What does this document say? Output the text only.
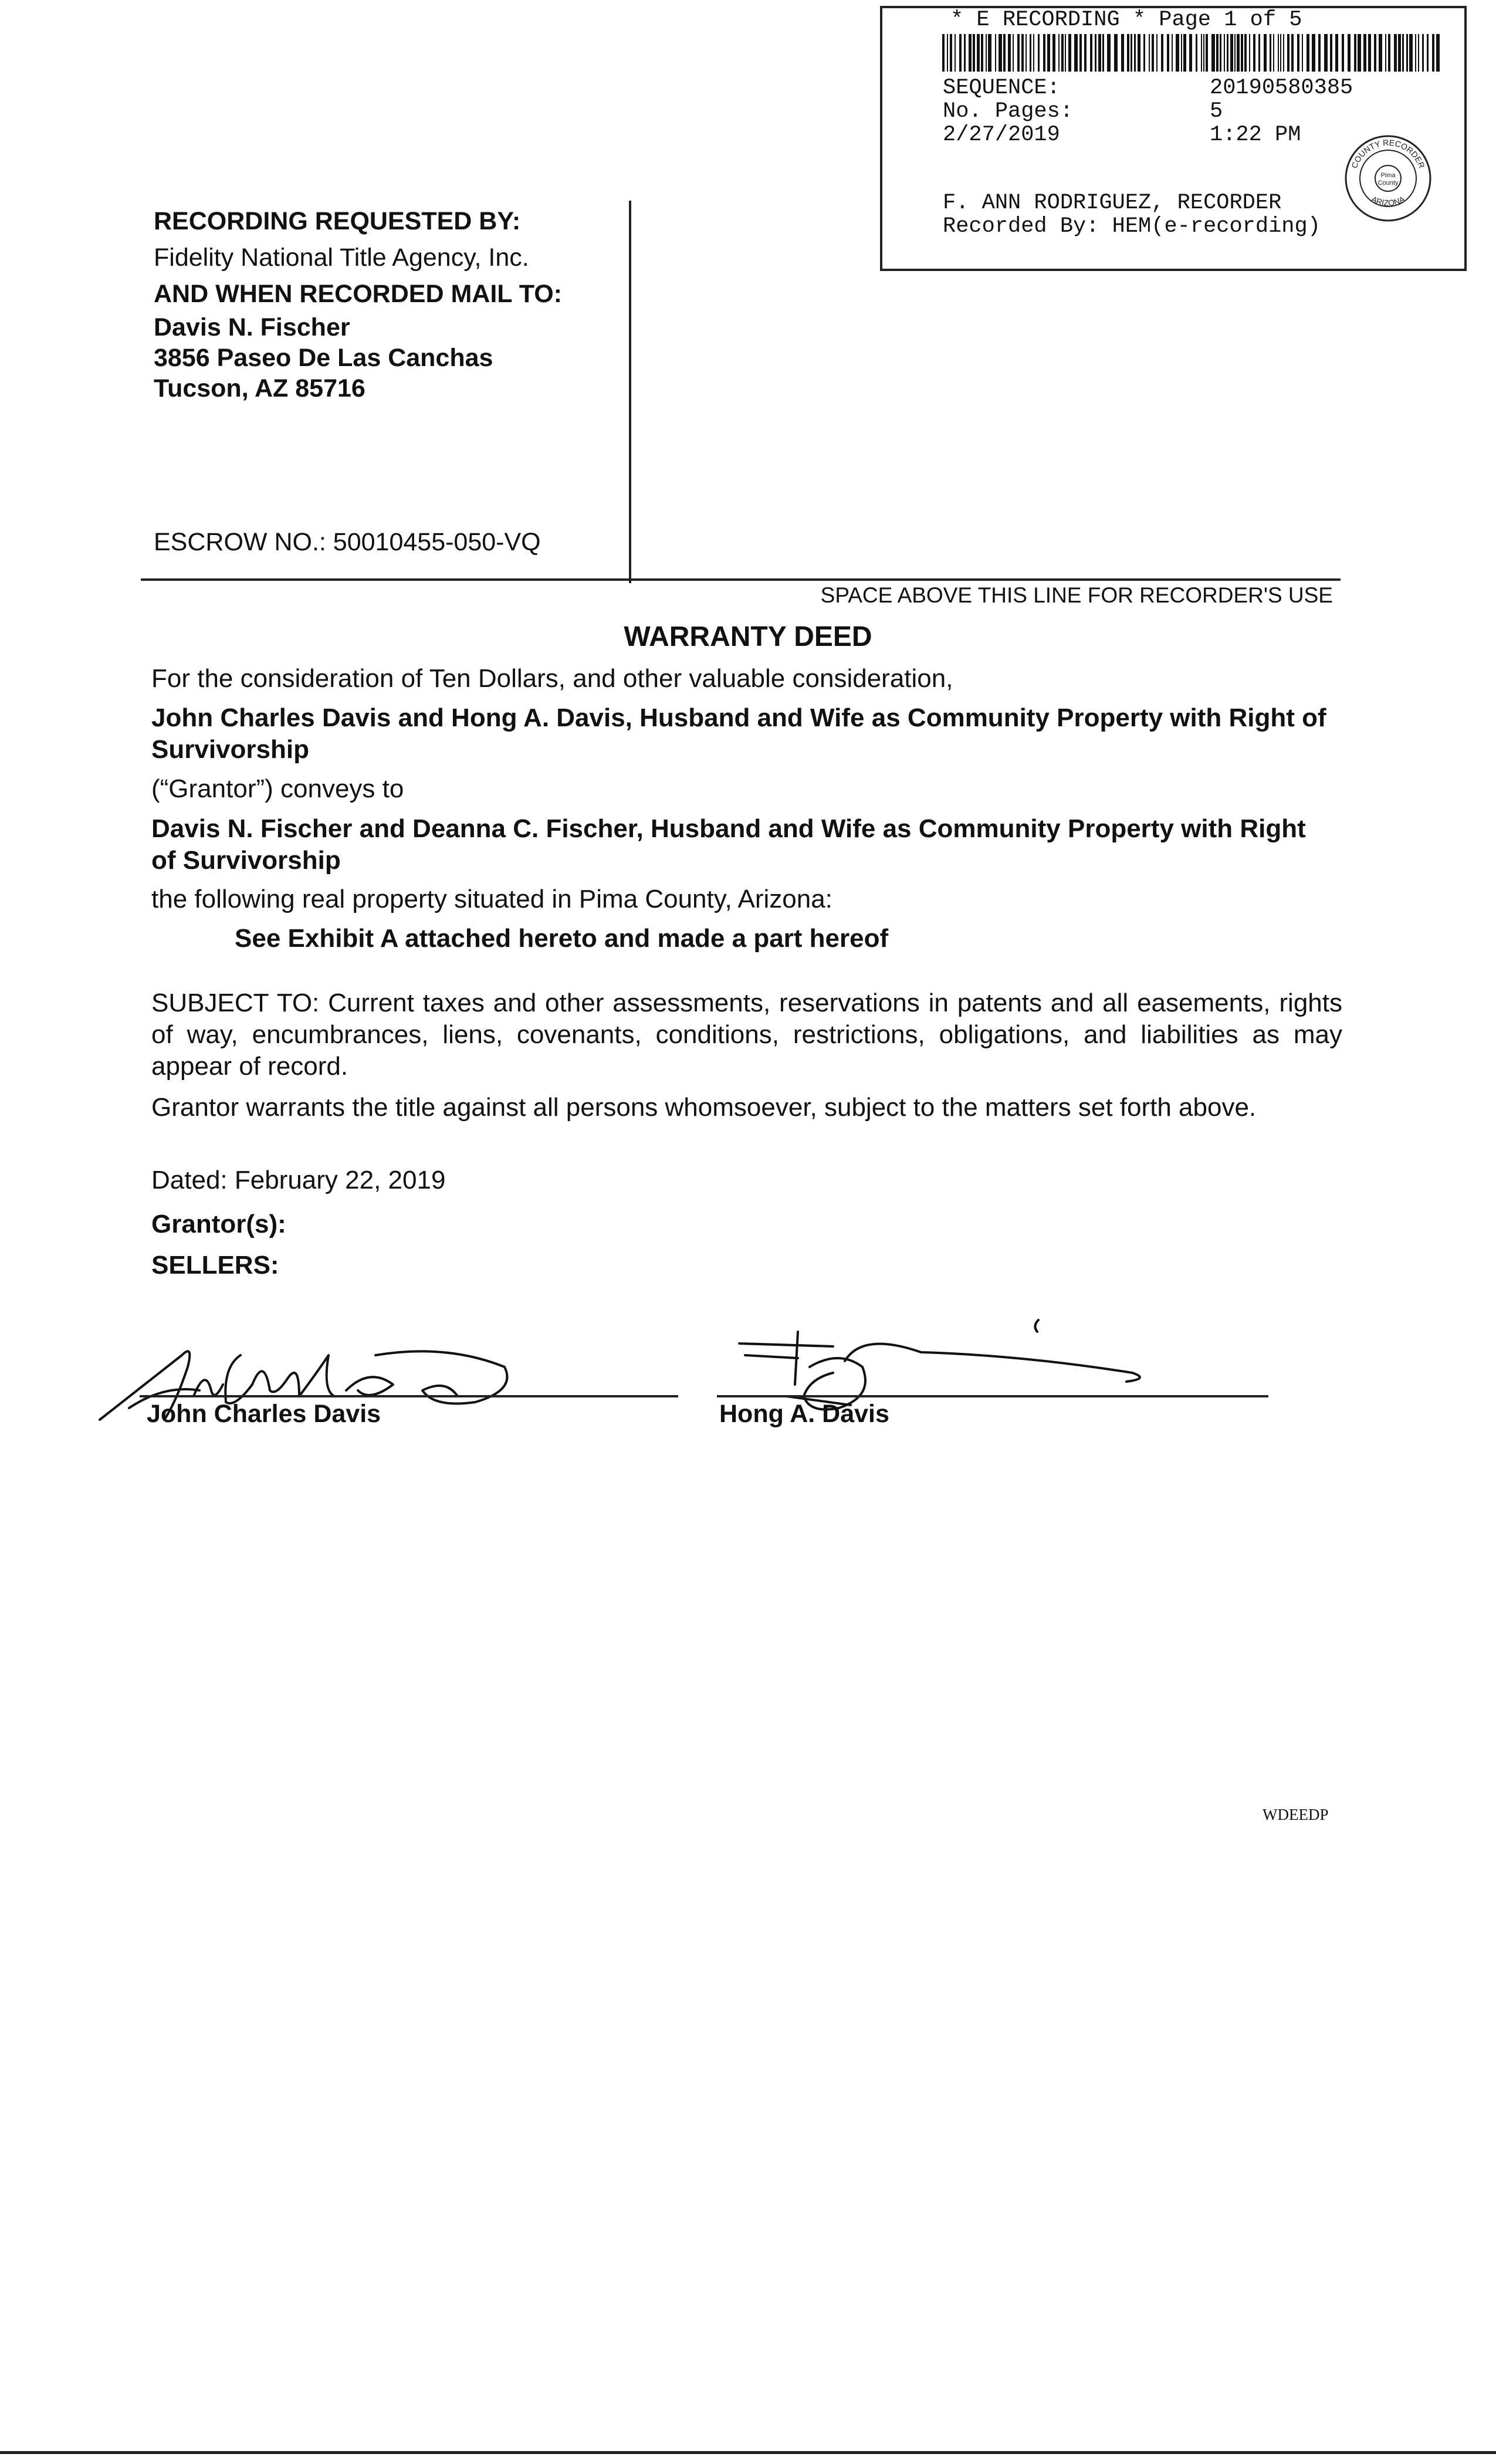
* E RECORDING * Page 1 of 5
SEQUENCE:	20190580385
No. Pages:	5
2/27/2019	1:22 PM
F. ANN RODRIGUEZ, RECORDER
Recorded By: HEM(e-recording)
Pima
County
COUNTY RECORDER
ARIZONA
RECORDING REQUESTED BY:
Fidelity National Title Agency, Inc.
AND WHEN RECORDED MAIL TO:
Davis N. Fischer
3856 Paseo De Las Canchas
Tucson, AZ 85716
ESCROW NO.: 50010455-050-VQ
SPACE ABOVE THIS LINE FOR RECORDER'S USE
WARRANTY DEED
For the consideration of Ten Dollars, and other valuable consideration,
John Charles Davis and Hong A. Davis, Husband and Wife as Community Property with Right of Survivorship
(“Grantor”) conveys to
Davis N. Fischer and Deanna C. Fischer, Husband and Wife as Community Property with Right of Survivorship
the following real property situated in Pima County, Arizona:
See Exhibit A attached hereto and made a part hereof
SUBJECT TO: Current taxes and other assessments, reservations in patents and all easements, rights of way, encumbrances, liens, covenants, conditions, restrictions, obligations, and liabilities as may appear of record.
Grantor warrants the title against all persons whomsoever, subject to the matters set forth above.
Dated: February 22, 2019
Grantor(s):
SELLERS:
John Charles Davis	Hong A. Davis
WDEEDP
